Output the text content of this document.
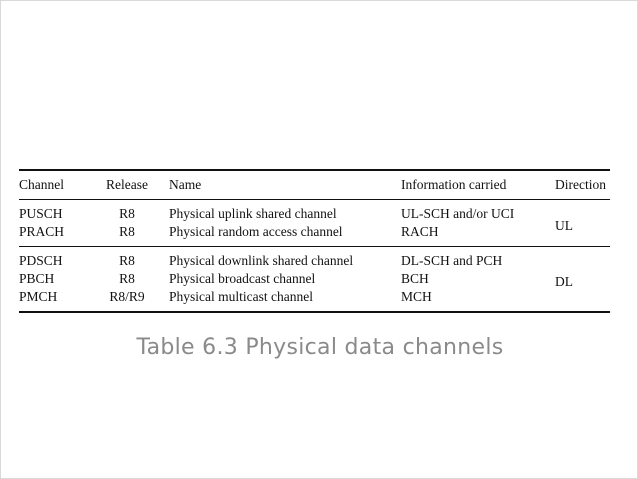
Channel	Release	Name	Information carried	Direction
PUSCH	R8	Physical uplink shared channel	UL-SCH and/or UCI	UL
PRACH	R8	Physical random access channel	RACH	
PDSCH	R8	Physical downlink shared channel	DL-SCH and PCH	DL
PBCH	R8	Physical broadcast channel	BCH	
PMCH	R8/R9	Physical multicast channel	MCH	
Table 6.3 Physical data channels
